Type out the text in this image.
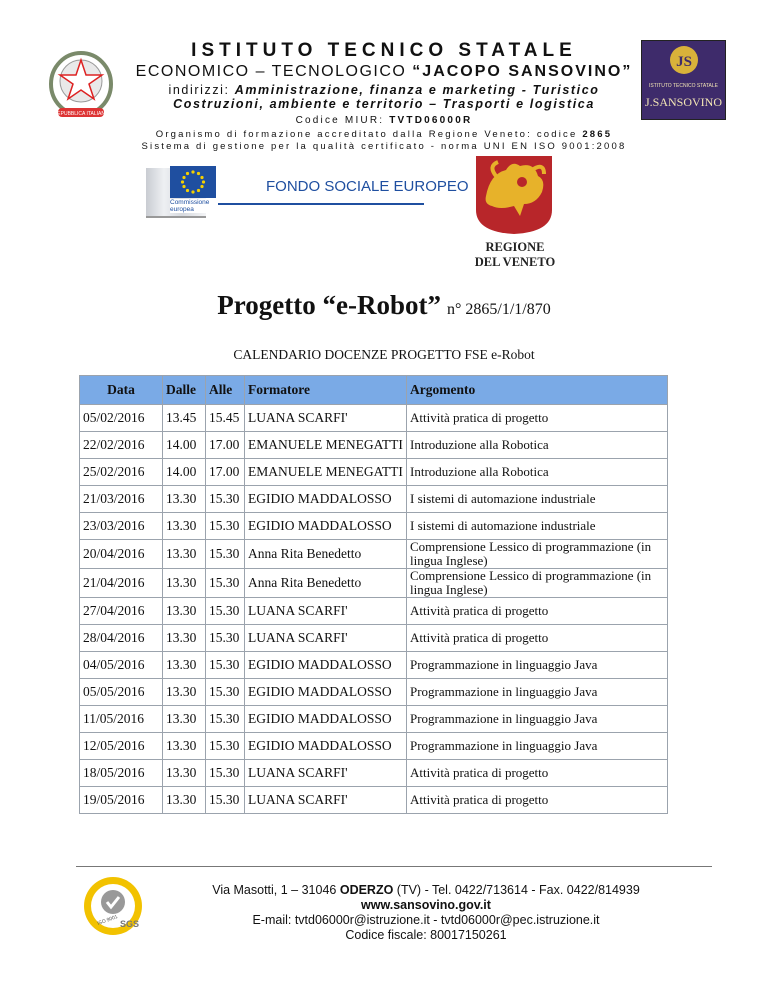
REPUBBLICA ITALIANA
ISTITUTO TECNICO STATALE
ECONOMICO – TECNOLOGICO “JACOPO SANSOVINO”
indirizzi: Amministrazione, finanza e marketing - Turistico
Costruzioni, ambiente e territorio – Trasporti e logistica
Codice MIUR: TVTD06000R
Organismo di formazione accreditato dalla Regione Veneto: codice 2865
Sistema di gestione per la qualità certificato - norma UNI EN ISO 9001:2008
JS
ISTITUTO TECNICO STATALE
J.SANSOVINO
Commissione europea
FONDO SOCIALE EUROPEO
REGIONE
DEL VENETO
Progetto “e-Robot” n° 2865/1/1/870
CALENDARIO DOCENZE PROGETTO FSE e-Robot
Data	Dalle	Alle	Formatore	Argomento
05/02/2016	13.45	15.45	LUANA SCARFI'	Attività pratica di progetto
22/02/2016	14.00	17.00	EMANUELE MENEGATTI	Introduzione alla Robotica
25/02/2016	14.00	17.00	EMANUELE MENEGATTI	Introduzione alla Robotica
21/03/2016	13.30	15.30	EGIDIO MADDALOSSO	I sistemi di automazione industriale
23/03/2016	13.30	15.30	EGIDIO MADDALOSSO	I sistemi di automazione industriale
20/04/2016	13.30	15.30	Anna Rita Benedetto	Comprensione Lessico di programmazione (in lingua Inglese)
21/04/2016	13.30	15.30	Anna Rita Benedetto	Comprensione Lessico di programmazione (in lingua Inglese)
27/04/2016	13.30	15.30	LUANA SCARFI'	Attività pratica di progetto
28/04/2016	13.30	15.30	LUANA SCARFI'	Attività pratica di progetto
04/05/2016	13.30	15.30	EGIDIO MADDALOSSO	Programmazione in linguaggio Java
05/05/2016	13.30	15.30	EGIDIO MADDALOSSO	Programmazione in linguaggio Java
11/05/2016	13.30	15.30	EGIDIO MADDALOSSO	Programmazione in linguaggio Java
12/05/2016	13.30	15.30	EGIDIO MADDALOSSO	Programmazione in linguaggio Java
18/05/2016	13.30	15.30	LUANA SCARFI'	Attività pratica di progetto
19/05/2016	13.30	15.30	LUANA SCARFI'	Attività pratica di progetto
ISO 9001 SGS
Via Masotti, 1 – 31046 ODERZO (TV) - Tel. 0422/713614 - Fax. 0422/814939
www.sansovino.gov.it
E-mail: tvtd06000r@istruzione.it - tvtd06000r@pec.istruzione.it
Codice fiscale: 80017150261
